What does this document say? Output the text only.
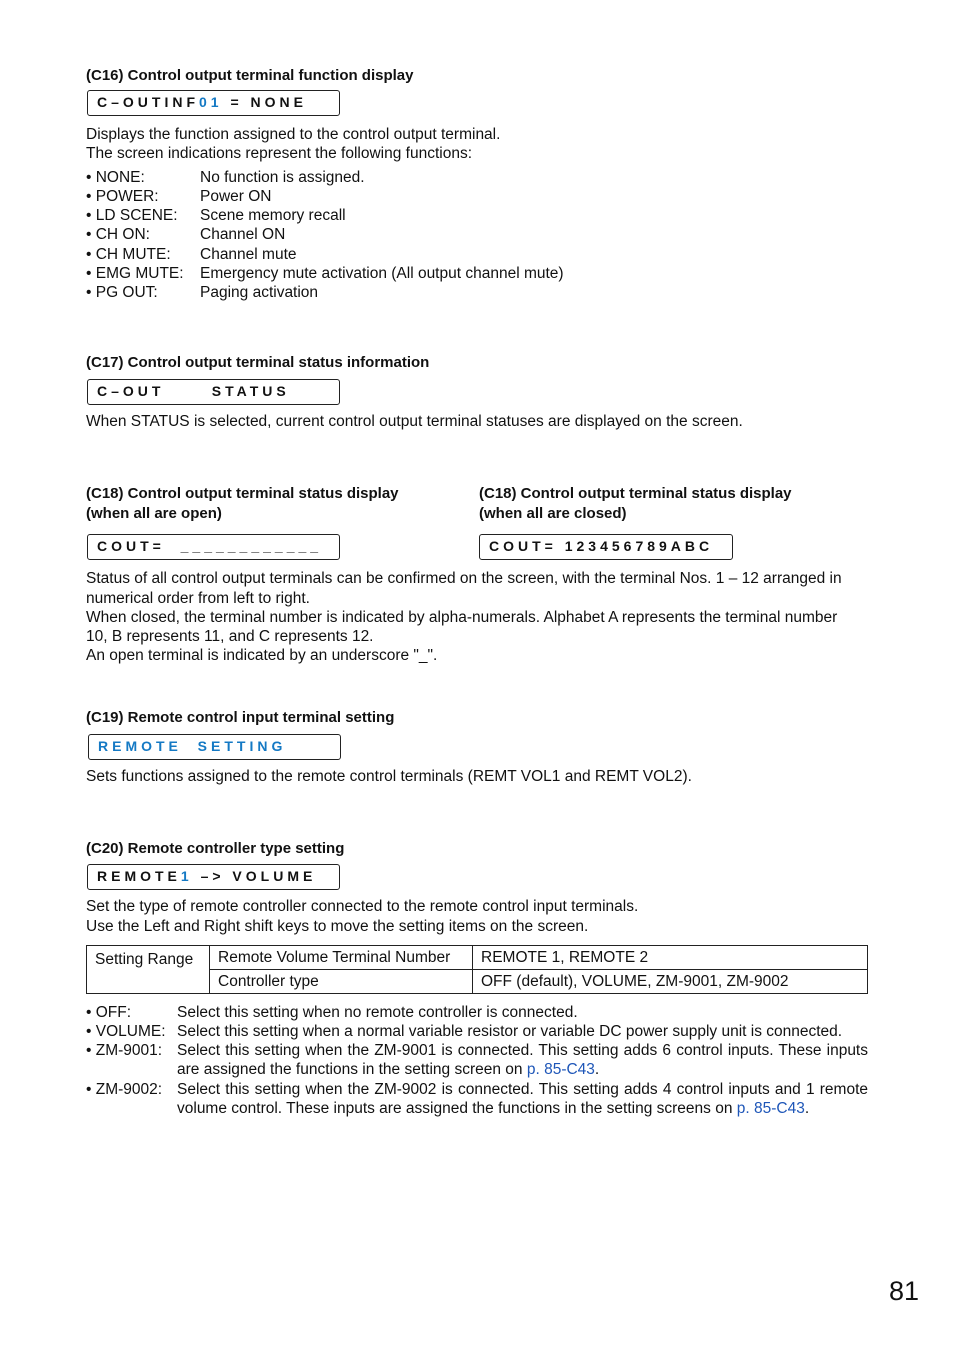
(C16) Control output terminal function display
C–OUTINF01 = NONE
Displays the function assigned to the control output terminal.
The screen indications represent the following functions:
• NONE:	No function is assigned.
• POWER:	Power ON
• LD SCENE: Scene memory recall
• CH ON:	Channel ON
• CH MUTE: Channel mute
• EMG MUTE: Emergency mute activation (All output channel mute)
• PG OUT:	Paging activation
(C17) Control output terminal status information
C–OUT      STATUS
When STATUS is selected, current control output terminal statuses are displayed on the screen.
(C18) Control output terminal status display
(when all are open)
COUT=  ____________
(C18) Control output terminal status display
(when all are closed)
COUT= 123456789ABC
Status of all control output terminals can be confirmed on the screen, with the terminal Nos. 1 – 12 arranged in
numerical order from left to right.
When closed, the terminal number is indicated by alpha-numerals. Alphabet A represents the terminal number
10, B represents 11, and C represents 12.
An open terminal is indicated by an underscore "_".
(C19) Remote control input terminal setting
REMOTE  SETTING
Sets functions assigned to the remote control terminals (REMT VOL1 and REMT VOL2).
(C20) Remote controller type setting
REMOTE1 –> VOLUME
Set the type of remote controller connected to the remote control input terminals.
Use the Left and Right shift keys to move the setting items on the screen.
Setting Range	Remote Volume Terminal Number	REMOTE 1, REMOTE 2
	Controller type	OFF (default), VOLUME, ZM-9001, ZM-9002
• OFF:	Select this setting when no remote controller is connected.
• VOLUME: Select this setting when a normal variable resistor or variable DC power supply unit is connected.
• ZM-9001: Select this setting when the ZM-9001 is connected. This setting adds 6 control inputs. These inputs are assigned the functions in the setting screen on p. 85-C43.
• ZM-9002: Select this setting when the ZM-9002 is connected. This setting adds 4 control inputs and 1 remote volume control. These inputs are assigned the functions in the setting screens on p. 85-C43.
81
